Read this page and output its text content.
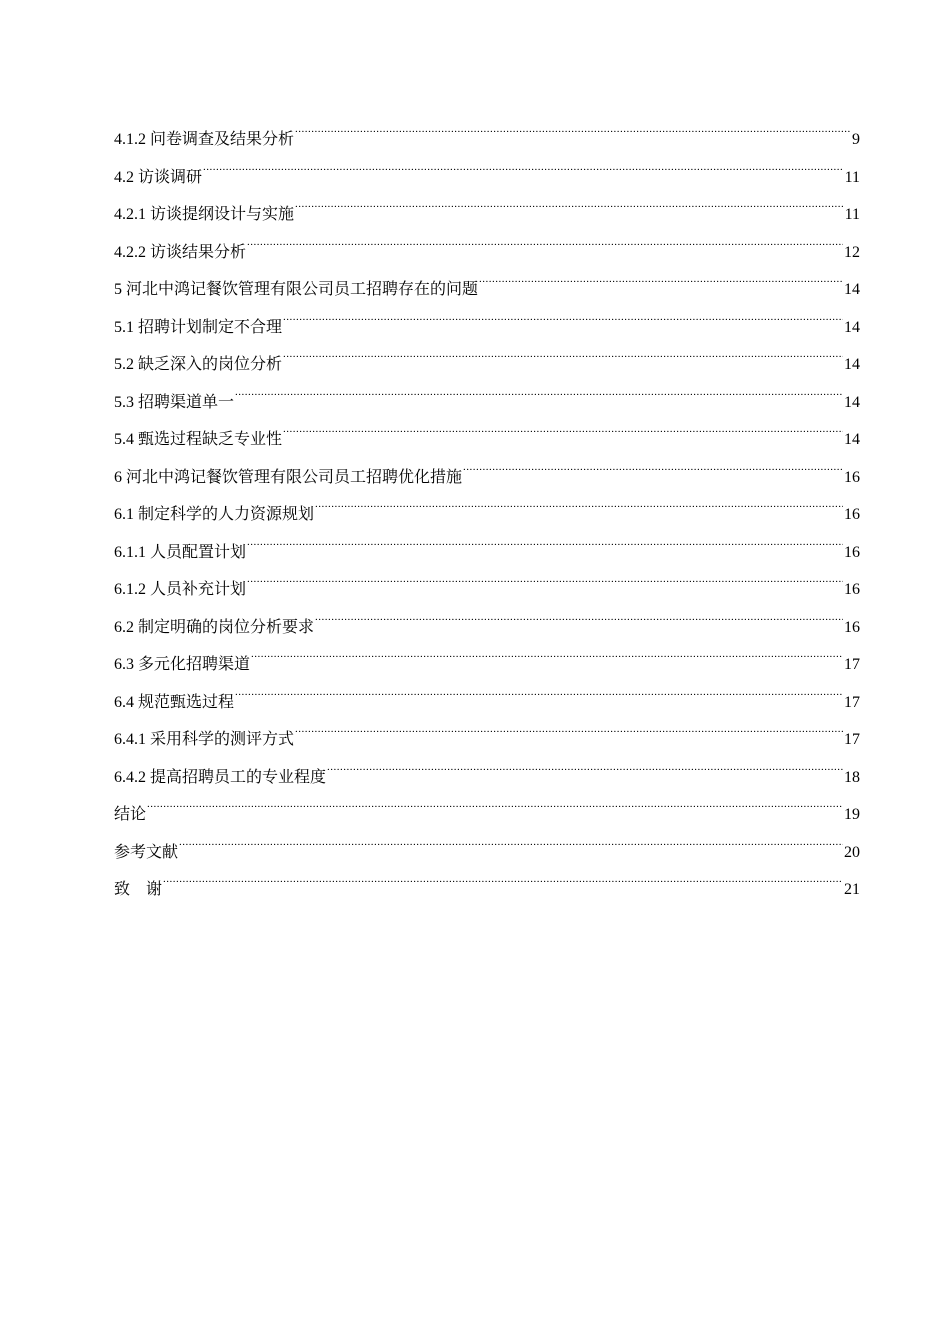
4.1.2 问卷调查及结果分析 .....	9
4.2 访谈调研 .....	11
4.2.1 访谈提纲设计与实施 .....	11
4.2.2 访谈结果分析 .....	12
5 河北中鸿记餐饮管理有限公司员工招聘存在的问题 .....	14
5.1 招聘计划制定不合理 .....	14
5.2 缺乏深入的岗位分析 .....	14
5.3 招聘渠道单一 .....	14
5.4 甄选过程缺乏专业性 .....	14
6 河北中鸿记餐饮管理有限公司员工招聘优化措施 .....	16
6.1 制定科学的人力资源规划 .....	16
6.1.1 人员配置计划 .....	16
6.1.2 人员补充计划 .....	16
6.2 制定明确的岗位分析要求 .....	16
6.3 多元化招聘渠道 .....	17
6.4 规范甄选过程 .....	17
6.4.1 采用科学的测评方式 .....	17
6.4.2 提高招聘员工的专业程度 .....	18
结论 .....	19
参考文献 .....	20
致    谢 .....	21
